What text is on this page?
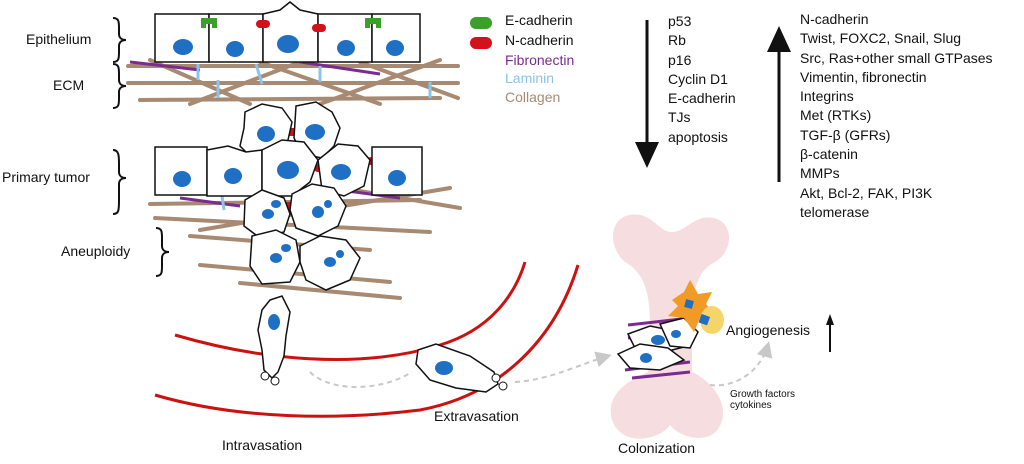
Epithelium
ECM
Primary tumor
Aneuploidy
E-cadherin
N-cadherin
Fibronectin
Laminin
Collagen
p53
Rb
p16
Cyclin D1
E-cadherin
TJs
apoptosis
N-cadherin
Twist, FOXC2, Snail, Slug
Src, Ras+other small GTPases
Vimentin, fibronectin
Integrins
Met (RTKs)
TGF-β (GFRs)
β-catenin
MMPs
Akt, Bcl-2, FAK, PI3K
telomerase
Intravasation
Extravasation
Colonization
Angiogenesis
Growth factors
cytokines
